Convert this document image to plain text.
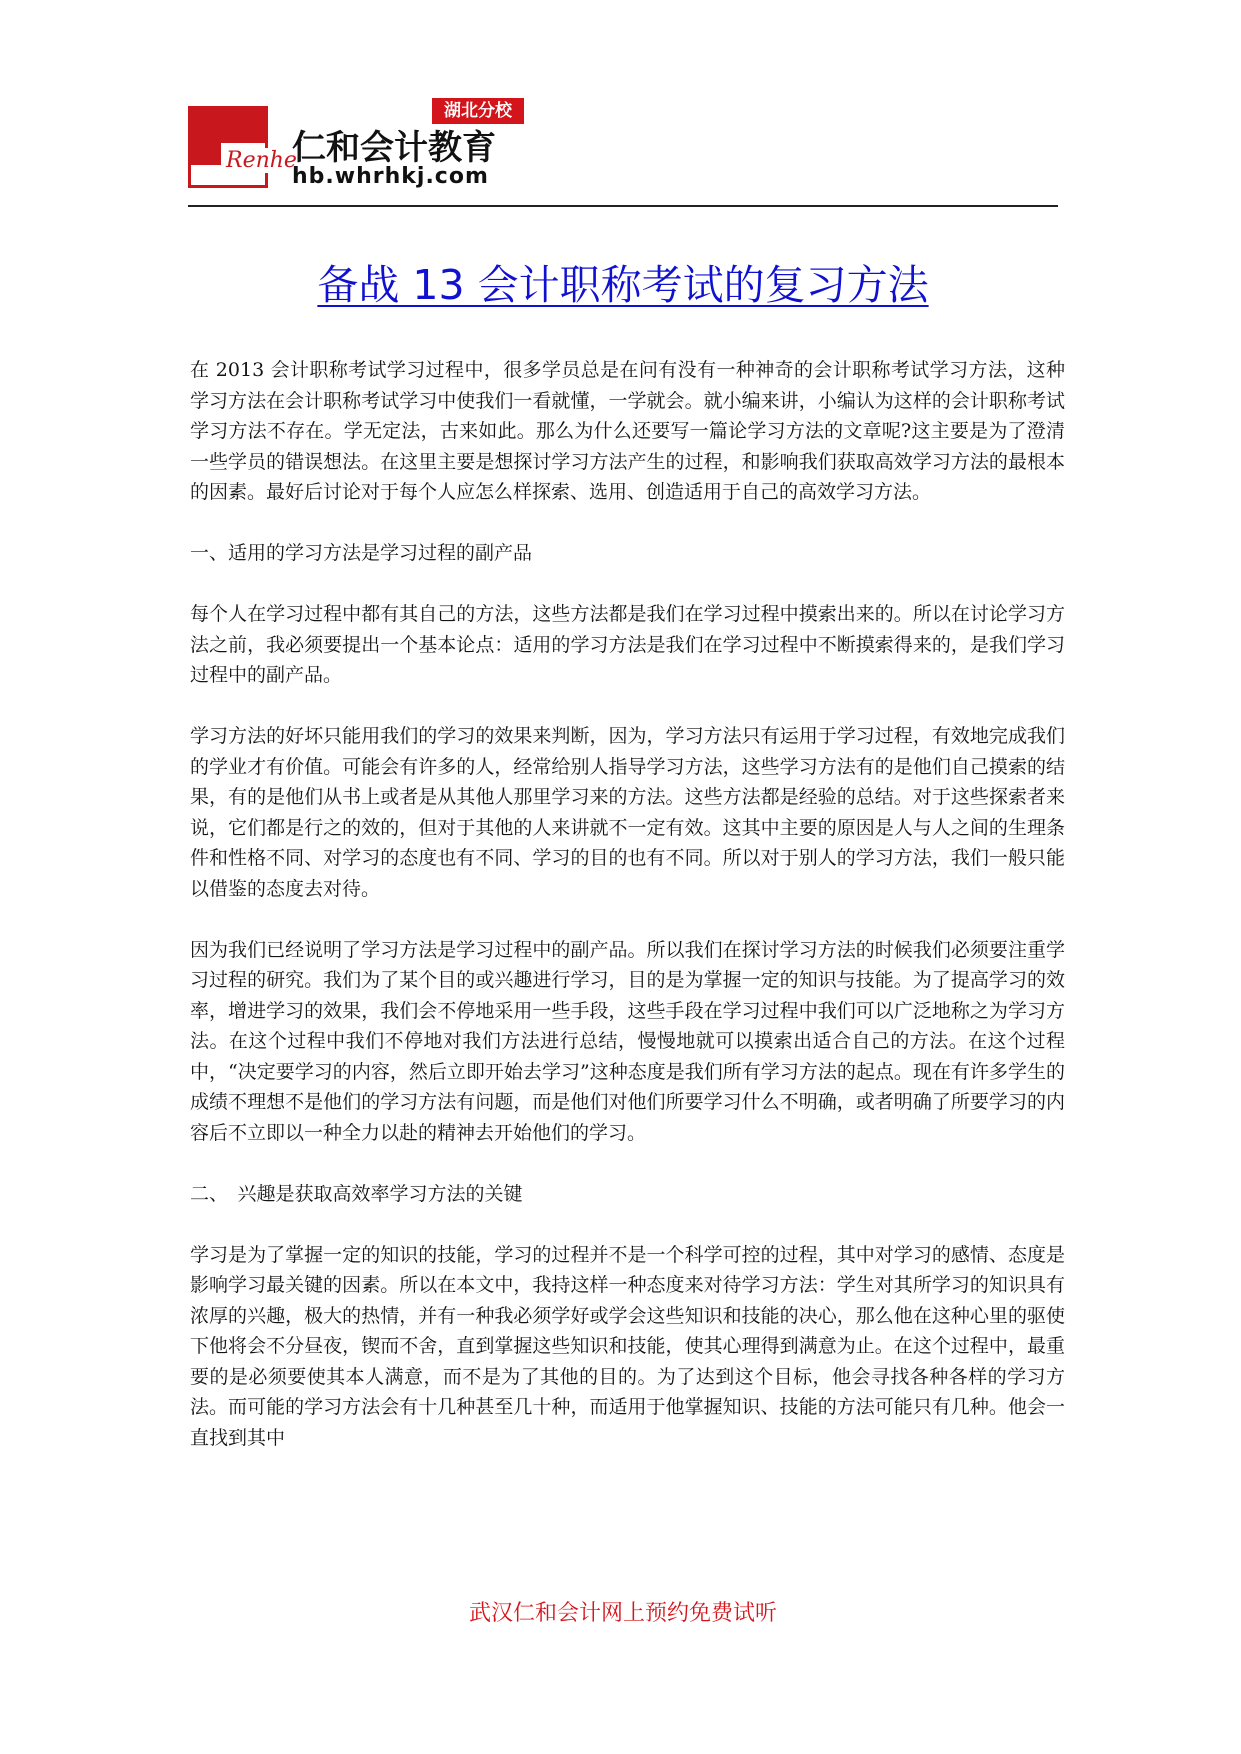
Renhe
湖北分校
仁和会计教育
hb.whrhkj.com
备战 13 会计职称考试的复习方法

在 2013 会计职称考试学习过程中，很多学员总是在问有没有一种神奇的会计职称考试学习方法，这种学习方法在会计职称考试学习中使我们一看就懂，一学就会。就小编来讲，小编认为这样的会计职称考试学习方法不存在。学无定法，古来如此。那么为什么还要写一篇论学习方法的文章呢?这主要是为了澄清一些学员的错误想法。在这里主要是想探讨学习方法产生的过程，和影响我们获取高效学习方法的最根本的因素。最好后讨论对于每个人应怎么样探索、选用、创造适用于自己的高效学习方法。

一、适用的学习方法是学习过程的副产品

每个人在学习过程中都有其自己的方法，这些方法都是我们在学习过程中摸索出来的。所以在讨论学习方法之前，我必须要提出一个基本论点：适用的学习方法是我们在学习过程中不断摸索得来的，是我们学习过程中的副产品。

学习方法的好坏只能用我们的学习的效果来判断，因为，学习方法只有运用于学习过程，有效地完成我们的学业才有价值。可能会有许多的人，经常给别人指导学习方法，这些学习方法有的是他们自己摸索的结果，有的是他们从书上或者是从其他人那里学习来的方法。这些方法都是经验的总结。对于这些探索者来说，它们都是行之的效的，但对于其他的人来讲就不一定有效。这其中主要的原因是人与人之间的生理条件和性格不同、对学习的态度也有不同、学习的目的也有不同。所以对于别人的学习方法，我们一般只能以借鉴的态度去对待。

因为我们已经说明了学习方法是学习过程中的副产品。所以我们在探讨学习方法的时候我们必须要注重学习过程的研究。我们为了某个目的或兴趣进行学习，目的是为掌握一定的知识与技能。为了提高学习的效率，增进学习的效果，我们会不停地采用一些手段，这些手段在学习过程中我们可以广泛地称之为学习方法。在这个过程中我们不停地对我们方法进行总结，慢慢地就可以摸索出适合自己的方法。在这个过程中，“决定要学习的内容，然后立即开始去学习”这种态度是我们所有学习方法的起点。现在有许多学生的成绩不理想不是他们的学习方法有问题，而是他们对他们所要学习什么不明确，或者明确了所要学习的内容后不立即以一种全力以赴的精神去开始他们的学习。

二、　兴趣是获取高效率学习方法的关键

学习是为了掌握一定的知识的技能，学习的过程并不是一个科学可控的过程，其中对学习的感情、态度是影响学习最关键的因素。所以在本文中，我持这样一种态度来对待学习方法：学生对其所学习的知识具有浓厚的兴趣，极大的热情，并有一种我必须学好或学会这些知识和技能的决心，那么他在这种心里的驱使下他将会不分昼夜，锲而不舍，直到掌握这些知识和技能，使其心理得到满意为止。在这个过程中，最重要的是必须要使其本人满意，而不是为了其他的目的。为了达到这个目标，他会寻找各种各样的学习方法。而可能的学习方法会有十几种甚至几十种，而适用于他掌握知识、技能的方法可能只有几种。他会一直找到其中

武汉仁和会计网上预约免费试听
